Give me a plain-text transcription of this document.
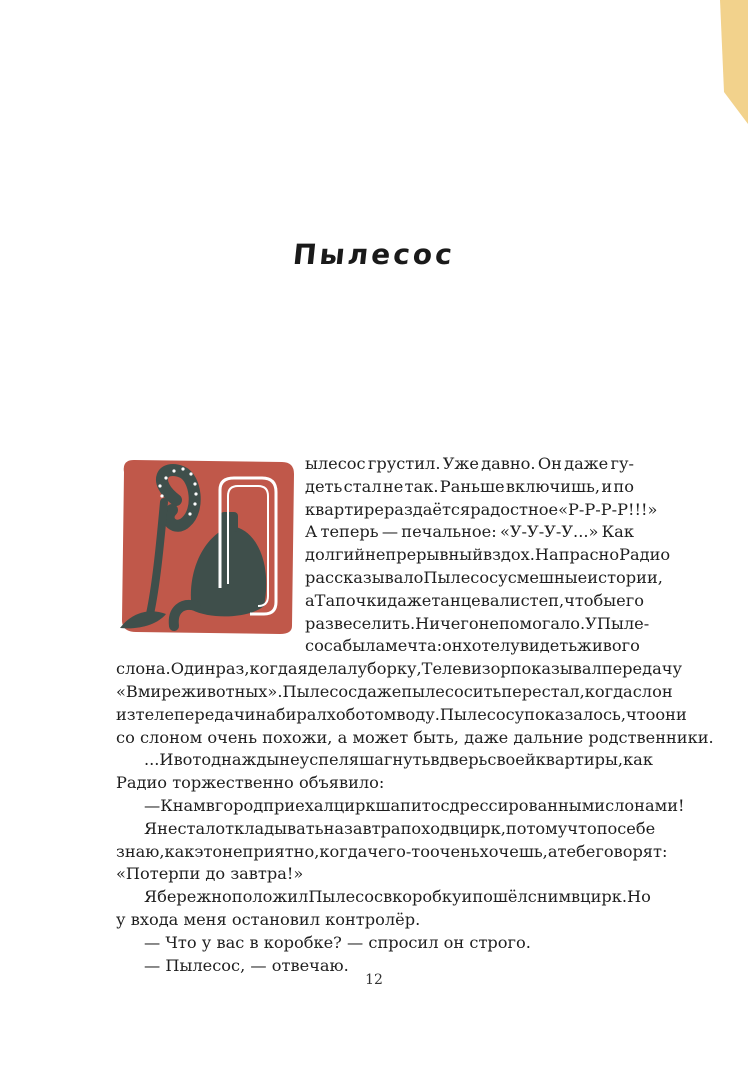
Пылесос
ылесос грустил. Уже давно. Он даже гу-
деть стал не так. Раньше включишь, и по
квартире раздаётся радостное «Р-Р-Р-Р!!!»
А теперь — печальное: «У-У-У-У...» Как
долгий непрерывный вздох. Напрасно Радио
рассказывало Пылесосу смешные истории,
а Тапочки даже танцевали степ, чтобы его
развеселить. Ничего не помогало. У Пыле-
соса была мечта: он хотел увидеть живого
слона. Один раз, когда я делал уборку, Телевизор показывал передачу
«В мире животных». Пылесос даже пылесосить перестал, когда слон
из телепередачи набирал хоботом воду. Пылесосу показалось, что они
со слоном очень похожи, а может быть, даже дальние родственники.
...И вот однажды не успел я шагнуть в дверь своей квартиры, как
Радио торжественно объявило:
— К нам в город приехал цирк шапито с дрессированными слонами!
Я не стал откладывать на завтра поход в цирк, потому что по себе
знаю, как это неприятно, когда чего-то очень хочешь, а тебе говорят:
«Потерпи до завтра!»
Я бережно положил Пылесос в коробку и пошёл с ним в цирк. Но
у входа меня остановил контролёр.
— Что у вас в коробке? — спросил он строго.
— Пылесос, — отвечаю.
12
